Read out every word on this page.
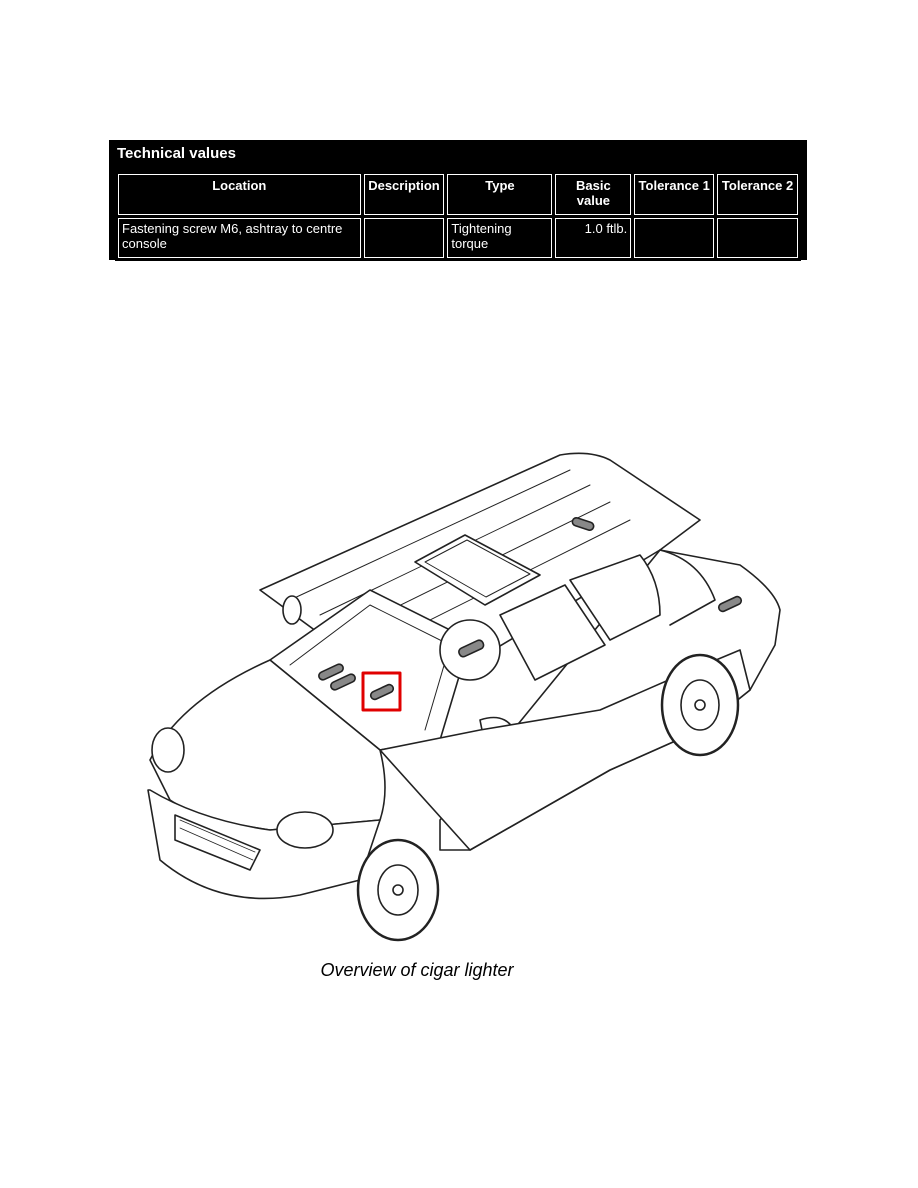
Technical values
Location	Description	Type	Basic value	Tolerance 1	Tolerance 2
Fastening screw M6, ashtray to centre console		Tightening torque	1.0 ftlb.		
Overview of cigar lighter
